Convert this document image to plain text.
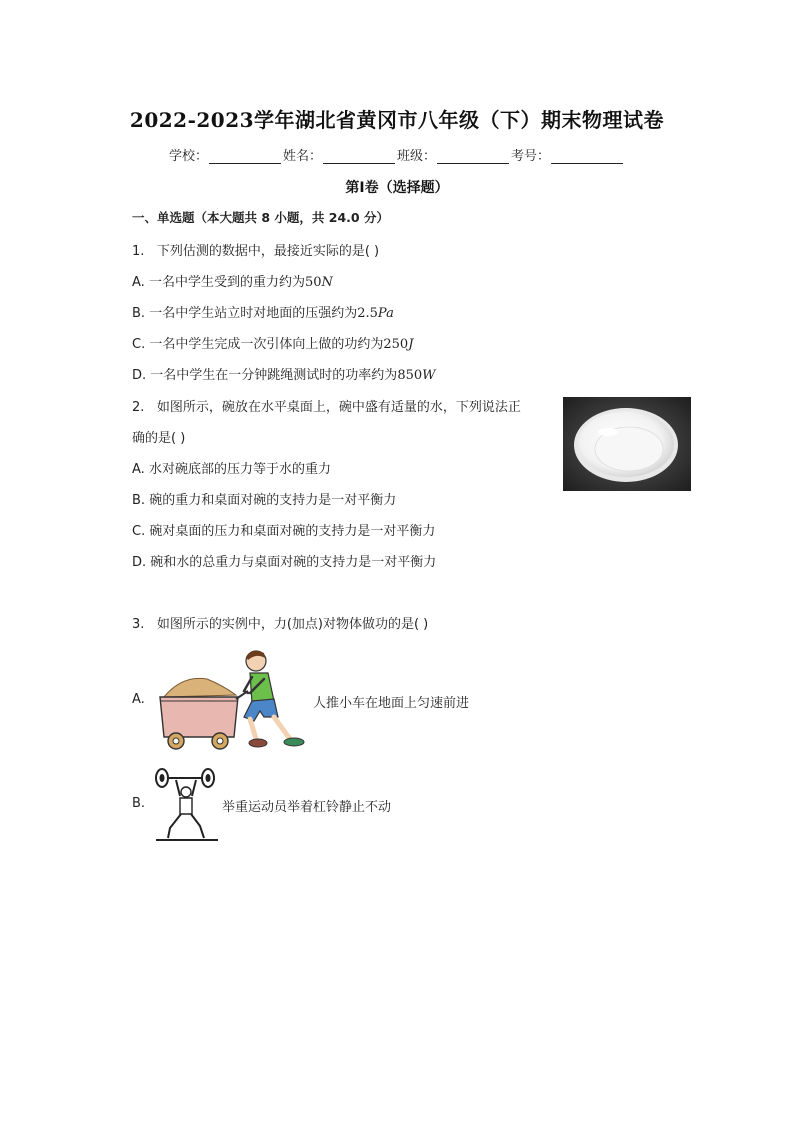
2022-2023学年湖北省黄冈市八年级（下）期末物理试卷
学校：	姓名：	班级：	考号：
第I卷（选择题）
一、单选题（本大题共 8 小题，共 24.0 分）
1. 下列估测的数据中，最接近实际的是( )
A. 一名中学生受到的重力约为50N
B. 一名中学生站立时对地面的压强约为2.5Pa
C. 一名中学生完成一次引体向上做的功约为250J
D. 一名中学生在一分钟跳绳测试时的功率约为850W
2. 如图所示，碗放在水平桌面上，碗中盛有适量的水，下列说法正
确的是( )
A. 水对碗底部的压力等于水的重力
B. 碗的重力和桌面对碗的支持力是一对平衡力
C. 碗对桌面的压力和桌面对碗的支持力是一对平衡力
D. 碗和水的总重力与桌面对碗的支持力是一对平衡力
3. 如图所示的实例中，力(加点)对物体做功的是( )
A.	人推小车在地面上匀速前进
B.	举重运动员举着杠铃静止不动
